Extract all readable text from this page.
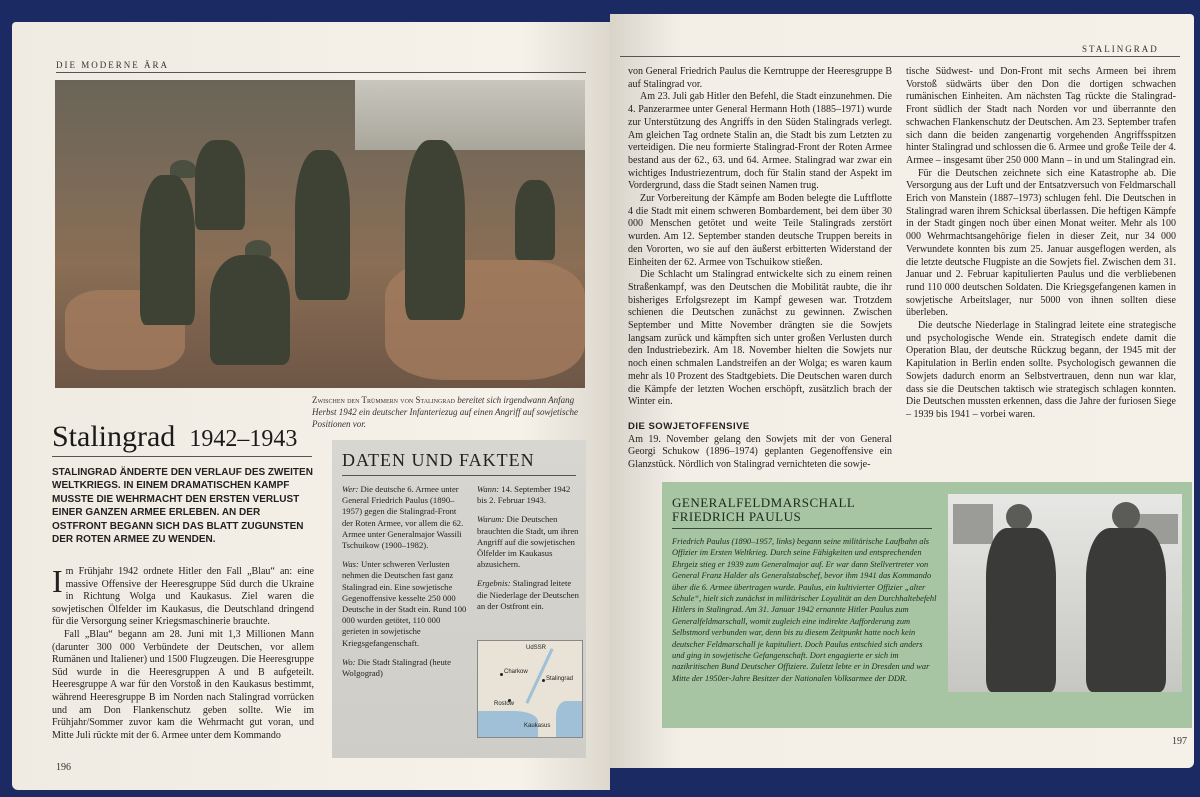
DIE MODERNE ÄRA
Zwischen den Trümmern von Stalingrad bereitet sich irgendwann Anfang Herbst 1942 ein deutscher Infanteriezug auf einen Angriff auf sowjetische Positionen vor.
Stalingrad 1942–1943
STALINGRAD ÄNDERTE DEN VERLAUF DES ZWEITEN WELTKRIEGS. IN EINEM DRAMATISCHEN KAMPF MUSSTE DIE WEHRMACHT DEN ERSTEN VERLUST EINER GANZEN ARMEE ERLEBEN. AN DER OSTFRONT BEGANN SICH DAS BLATT ZUGUNSTEN DER ROTEN ARMEE ZU WENDEN.

Im Frühjahr 1942 ordnete Hitler den Fall „Blau“ an: eine massive Offensive der Heeresgruppe Süd durch die Ukraine in Richtung Wolga und Kaukasus. Ziel waren die sowjetischen Ölfelder im Kaukasus, die Deutschland dringend für die Versorgung seiner Kriegsmaschinerie brauchte.

Fall „Blau“ begann am 28. Juni mit 1,3 Millionen Mann (darunter 300 000 Verbündete der Deutschen, vor allem Rumänen und Italiener) und 1500 Flugzeugen. Die Heeresgruppe Süd wurde in die Heeresgruppen A und B aufgeteilt. Heeresgruppe A war für den Vorstoß in den Kaukasus bestimmt, während Heeresgruppe B im Norden nach Stalingrad vorrücken und am Don Flankenschutz geben sollte. Wie im Frühjahr/Sommer zuvor kam die Wehrmacht gut voran, und Mitte Juli rückte mit der 6. Armee unter dem Kommando

DATEN UND FAKTEN

Wer: Die deutsche 6. Armee unter General Friedrich Paulus (1890–1957) gegen die Stalingrad-Front der Roten Armee, vor allem die 62. Armee unter Generalmajor Wassili Tschuikow (1900–1982).

Was: Unter schweren Verlusten nehmen die Deutschen fast ganz Stalingrad ein. Eine sowjetische Gegenoffensive kesselte 250 000 Deutsche in der Stadt ein. Rund 100 000 wurden getötet, 110 000 gerieten in sowjetische Kriegsgefangenschaft.

Wo: Die Stadt Stalingrad (heute Wolgograd)

Wann: 14. September 1942 bis 2. Februar 1943.

Warum: Die Deutschen brauchten die Stadt, um ihren Angriff auf die sowjetischen Ölfelder im Kaukasus abzusichern.

Ergebnis: Stalingrad leitete die Niederlage der Deutschen an der Ostfront ein.

UdSSR
Charkow
Stalingrad
Rostow
Kaukasus
196
STALINGRAD

von General Friedrich Paulus die Kerntruppe der Heeresgruppe B auf Stalingrad vor.

Am 23. Juli gab Hitler den Befehl, die Stadt einzunehmen. Die 4. Panzerarmee unter General Hermann Hoth (1885–1971) wurde zur Unterstützung des Angriffs in den Süden Stalingrads verlegt. Am gleichen Tag ordnete Stalin an, die Stadt bis zum Letzten zu verteidigen. Die neu formierte Stalingrad-Front der Roten Armee bestand aus der 62., 63. und 64. Armee. Stalingrad war zwar ein wichtiges Industriezentrum, doch für Stalin stand der Aspekt im Vordergrund, dass die Stadt seinen Namen trug.

Zur Vorbereitung der Kämpfe am Boden belegte die Luftflotte 4 die Stadt mit einem schweren Bombardement, bei dem über 30 000 Menschen getötet und weite Teile Stalingrads zerstört wurden. Am 12. September standen deutsche Truppen bereits in den Vororten, wo sie auf den äußerst erbitterten Widerstand der Einheiten der 62. Armee von Tschuikow stießen.

Die Schlacht um Stalingrad entwickelte sich zu einem reinen Straßenkampf, was den Deutschen die Mobilität raubte, die ihr bisheriges Erfolgsrezept im Kampf gewesen war. Trotzdem schienen die Deutschen zunächst zu gewinnen. Zwischen September und Mitte November drängten sie die Sowjets langsam zurück und kämpften sich unter großen Verlusten durch den Industriebezirk. Am 18. November hielten die Sowjets nur noch einen schmalen Landstreifen an der Wolga; es waren kaum mehr als 10 Prozent des Stadtgebiets. Die Deutschen waren durch die Kämpfe der letzten Wochen erschöpft, zusätzlich brach der Winter ein.

DIE SOWJETOFFENSIVE

Am 19. November gelang den Sowjets mit der von General Georgi Schukow (1896–1974) geplanten Gegenoffensive ein Glanzstück. Nördlich von Stalingrad vernichteten die sowje-

tische Südwest- und Don-Front mit sechs Armeen bei ihrem Vorstoß südwärts über den Don die dortigen schwachen rumänischen Einheiten. Am nächsten Tag rückte die Stalingrad-Front südlich der Stadt nach Norden vor und überrannte den schwachen Flankenschutz der Deutschen. Am 23. September trafen sich dann die beiden zangenartig vorgehenden Angriffsspitzen hinter Stalingrad und schlossen die 6. Armee und große Teile der 4. Armee – insgesamt über 250 000 Mann – in und um Stalingrad ein.

Für die Deutschen zeichnete sich eine Katastrophe ab. Die Versorgung aus der Luft und der Entsatzversuch von Feldmarschall Erich von Manstein (1887–1973) schlugen fehl. Die Deutschen in Stalingrad waren ihrem Schicksal überlassen. Die heftigen Kämpfe in der Stadt gingen noch über einen Monat weiter. Mehr als 100 000 Wehrmachtsangehörige fielen in dieser Zeit, nur 34 000 Verwundete konnten bis zum 25. Januar ausgeflogen werden, als die letzte deutsche Flugpiste an die Sowjets fiel. Zwischen dem 31. Januar und 2. Februar kapitulierten Paulus und die verbliebenen rund 110 000 deutschen Soldaten. Die Kriegsgefangenen kamen in sowjetische Arbeitslager, nur 5000 von ihnen sollten diese überleben.

Die deutsche Niederlage in Stalingrad leitete eine strategische und psychologische Wende ein. Strategisch endete damit die Operation Blau, der deutsche Rückzug begann, der 1945 mit der Kapitulation in Berlin enden sollte. Psychologisch gewannen die Sowjets dadurch enorm an Selbstvertrauen, denn nun war klar, dass sie die Deutschen taktisch wie strategisch schlagen konnten. Die Deutschen mussten erkennen, dass die Jahre der furiosen Siege – 1939 bis 1941 – vorbei waren.

GENERALFELDMARSCHALL
FRIEDRICH PAULUS
Friedrich Paulus (1890–1957, links) begann seine militärische Laufbahn als Offizier im Ersten Weltkrieg. Durch seine Fähigkeiten und entsprechenden Ehrgeiz stieg er 1939 zum Generalmajor auf. Er war dann Stellvertreter von General Franz Halder als Generalstabschef, bevor ihm 1941 das Kommando über die 6. Armee übertragen wurde. Paulus, ein kultivierter Offizier „alter Schule“, hielt sich zunächst in militärischer Loyalität an den Durchhaltebefehl Hitlers in Stalingrad. Am 31. Januar 1942 ernannte Hitler Paulus zum Generalfeldmarschall, womit zugleich eine indirekte Aufforderung zum Selbstmord verbunden war, denn bis zu diesem Zeitpunkt hatte noch kein deutscher Feldmarschall je kapituliert. Doch Paulus entschied sich anders und ging in sowjetische Gefangenschaft. Dort engagierte er sich im nazikritischen Bund Deutscher Offiziere. Zuletzt lebte er in Dresden und war Mitte der 1950er-Jahre Besitzer der Nationalen Volksarmee der DDR.
197
